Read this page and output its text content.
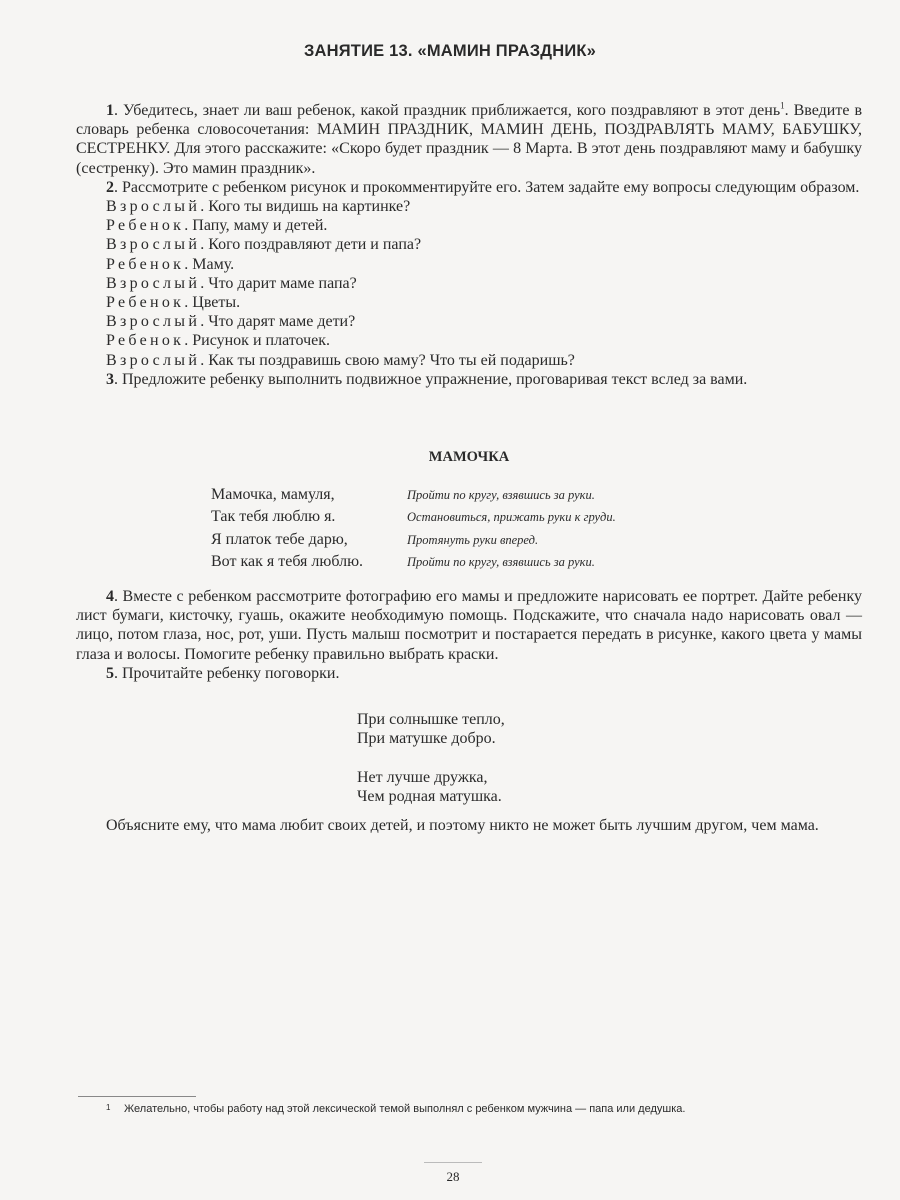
ЗАНЯТИЕ 13. «МАМИН ПРАЗДНИК»

1. Убедитесь, знает ли ваш ребенок, какой праздник приближается, кого поздравляют в этот день$^1$. Введите в словарь ребенка словосочетания: МАМИН ПРАЗДНИК, МАМИН ДЕНЬ, ПОЗДРАВЛЯТЬ МАМУ, БАБУШКУ, СЕСТРЕНКУ. Для этого расскажите: «Скоро будет праздник — 8 Марта. В этот день поздравляют маму и бабушку (сестренку). Это мамин праздник».

2. Рассмотрите с ребенком рисунок и прокомментируйте его. Затем задайте ему вопросы следующим образом.

Взрослый. Кого ты видишь на картинке?

Ребенок. Папу, маму и детей.

Взрослый. Кого поздравляют дети и папа?

Ребенок. Маму.

Взрослый. Что дарит маме папа?

Ребенок. Цветы.

Взрослый. Что дарят маме дети?

Ребенок. Рисунок и платочек.

Взрослый. Как ты поздравишь свою маму? Что ты ей подаришь?

3. Предложите ребенку выполнить подвижное упражнение, проговаривая текст вслед за вами.

МАМОЧКА
Мамочка, мамуля,	Пройти по кругу, взявшись за руки.
Так тебя люблю я.	Остановиться, прижать руки к груди.
Я платок тебе дарю,	Протянуть руки вперед.
Вот как я тебя люблю.	Пройти по кругу, взявшись за руки.

4. Вместе с ребенком рассмотрите фотографию его мамы и предложите нарисовать ее портрет. Дайте ребенку лист бумаги, кисточку, гуашь, окажите необходимую помощь. Подскажите, что сначала надо нарисовать овал — лицо, потом глаза, нос, рот, уши. Пусть малыш посмотрит и постарается передать в рисунке, какого цвета у мамы глаза и волосы. Помогите ребенку правильно выбрать краски.

5. Прочитайте ребенку поговорки.

При солнышке тепло,

При матушке добро.

Нет лучше дружка,

Чем родная матушка.

Объясните ему, что мама любит своих детей, и поэтому никто не может быть лучшим другом, чем мама.

1	Желательно, чтобы работу над этой лексической темой выполнял с ребенком мужчина — папа или дедушка.
28
